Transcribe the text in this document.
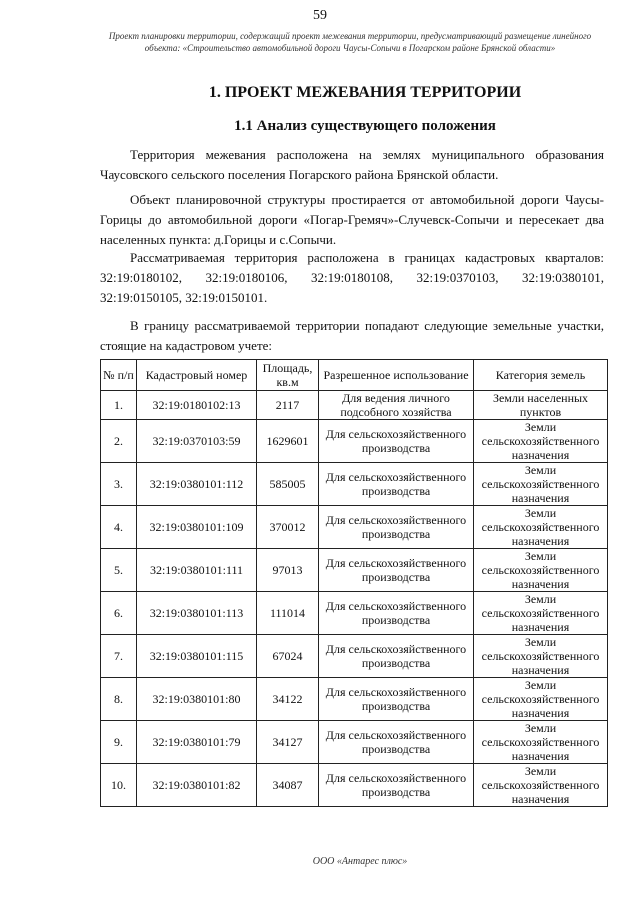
59
Проект планировки территории, содержащий проект межевания территории, предусматривающий размещение линейного объекта: «Строительство автомобильной дороги Чаусы-Сопычи в Погарском районе Брянской области»
1. ПРОЕКТ МЕЖЕВАНИЯ ТЕРРИТОРИИ
1.1 Анализ существующего положения

Территория межевания расположена на землях муниципального образования Чаусовского сельского поселения Погарского района Брянской области.

Объект планировочной структуры простирается от автомобильной дороги Чаусы-Горицы до автомобильной дороги «Погар-Гремяч»-Случевск-Сопычи и пересекает два населенных пункта: д.Горицы и с.Сопычи.

Рассматриваемая территория расположена в границах кадастровых кварталов: 32:19:0180102, 32:19:0180106, 32:19:0180108, 32:19:0370103, 32:19:0380101, 32:19:0150105, 32:19:0150101.

В границу рассматриваемой территории попадают следующие земельные участки, стоящие на кадастровом учете:

№ п/п	Кадастровый номер	Площадь, кв.м	Разрешенное использование	Категория земель
1.	32:19:0180102:13	2117	Для ведения личного подсобного хозяйства	Земли населенных пунктов
2.	32:19:0370103:59	1629601	Для сельскохозяйственного производства	Земли сельскохозяйственного назначения
3.	32:19:0380101:112	585005	Для сельскохозяйственного производства	Земли сельскохозяйственного назначения
4.	32:19:0380101:109	370012	Для сельскохозяйственного производства	Земли сельскохозяйственного назначения
5.	32:19:0380101:111	97013	Для сельскохозяйственного производства	Земли сельскохозяйственного назначения
6.	32:19:0380101:113	111014	Для сельскохозяйственного производства	Земли сельскохозяйственного назначения
7.	32:19:0380101:115	67024	Для сельскохозяйственного производства	Земли сельскохозяйственного назначения
8.	32:19:0380101:80	34122	Для сельскохозяйственного производства	Земли сельскохозяйственного назначения
9.	32:19:0380101:79	34127	Для сельскохозяйственного производства	Земли сельскохозяйственного назначения
10.	32:19:0380101:82	34087	Для сельскохозяйственного производства	Земли сельскохозяйственного назначения
ООО «Антарес плюс»
